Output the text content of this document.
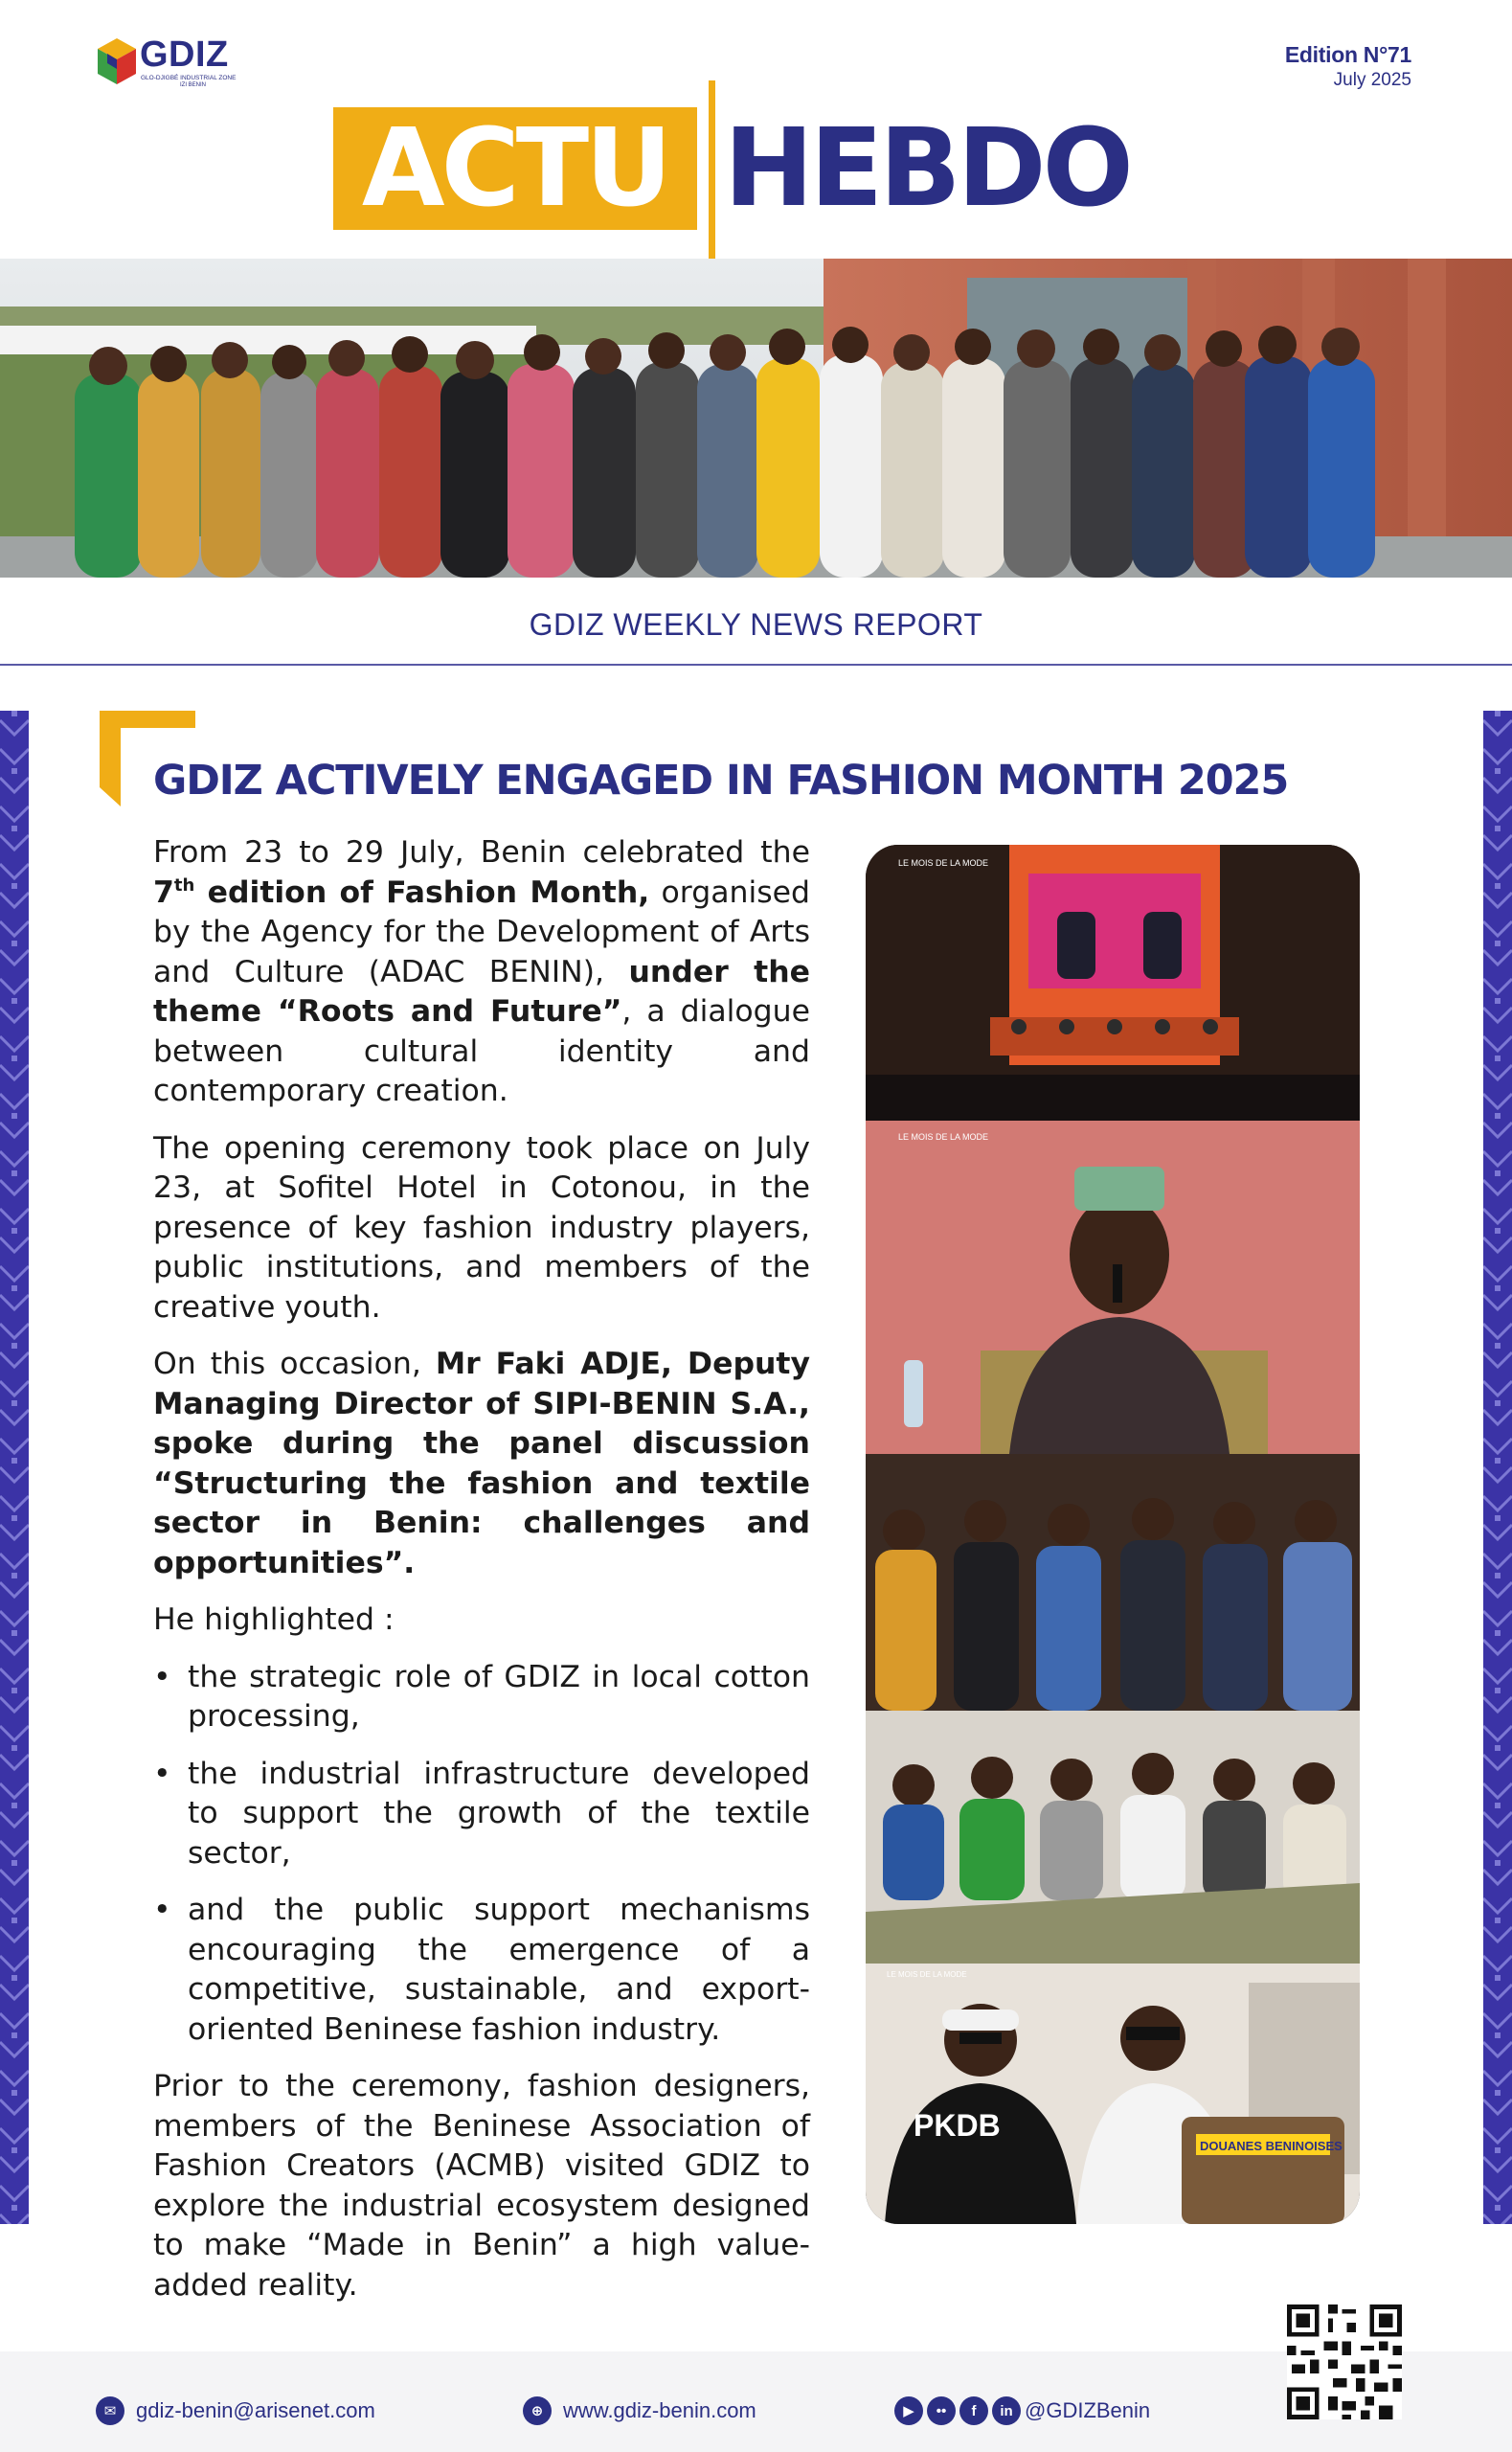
GDIZ
GLO-DJIGBÉ INDUSTRIAL ZONE
IZI BENIN
Edition N°71
July 2025
ACTU HEBDO
GDIZ WEEKLY NEWS REPORT
GDIZ ACTIVELY ENGAGED IN FASHION MONTH 2025

From 23 to 29 July, Benin celebrated the 7th edition of Fashion Month, organised by the Agency for the Development of Arts and Culture (ADAC BENIN), under the theme “Roots and Future”, a dialogue between cultural identity and contemporary creation.

The opening ceremony took place on July 23, at Sofitel Hotel in Cotonou, in the presence of key fashion industry players, public institutions, and members of the creative youth.

On this occasion, Mr Faki ADJE, Deputy Managing Director of SIPI-BENIN S.A., spoke during the panel discussion “Structuring the fashion and textile sector in Benin: challenges and opportunities”.

He highlighted :

• the strategic role of GDIZ in local cotton processing,
• the industrial infrastructure developed to support the growth of the textile sector,
• and the public support mechanisms encouraging the emergence of a competitive, sustainable, and export-oriented Beninese fashion industry.

Prior to the ceremony, fashion designers, members of the Beninese Association of Fashion Creators (ACMB) visited GDIZ to explore the industrial ecosystem designed to make “Made in Benin” a high value-added reality.

LE MOIS DE LA MODE
LE MOIS DE LA MODE
PKDB
DOUANES BENINOISES
LE MOIS DE LA MODE
✉ gdiz-benin@arisenet.com	⊕ www.gdiz-benin.com	▶	••	f	in @GDIZBenin
